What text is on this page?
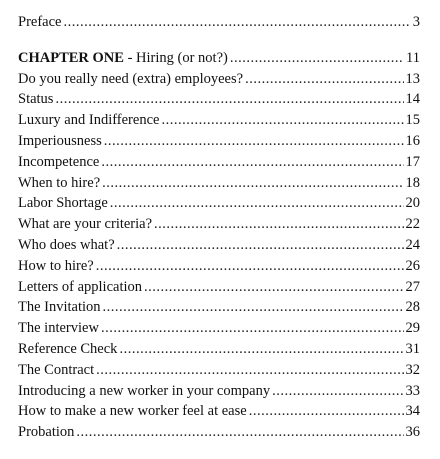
Preface .....	3
CHAPTER ONE - Hiring (or not?) .....	11
Do you really need (extra) employees? .....	13
Status .....	14
Luxury and Indifference .....	15
Imperiousness .....	16
Incompetence .....	17
When to hire? .....	18
Labor Shortage .....	20
What are your criteria? .....	22
Who does what? .....	24
How to hire? .....	26
Letters of application .....	27
The Invitation .....	28
The interview .....	29
Reference Check .....	31
The Contract .....	32
Introducing a new worker in your company .....	33
How to make a new worker feel at ease .....	34
Probation .....	36
